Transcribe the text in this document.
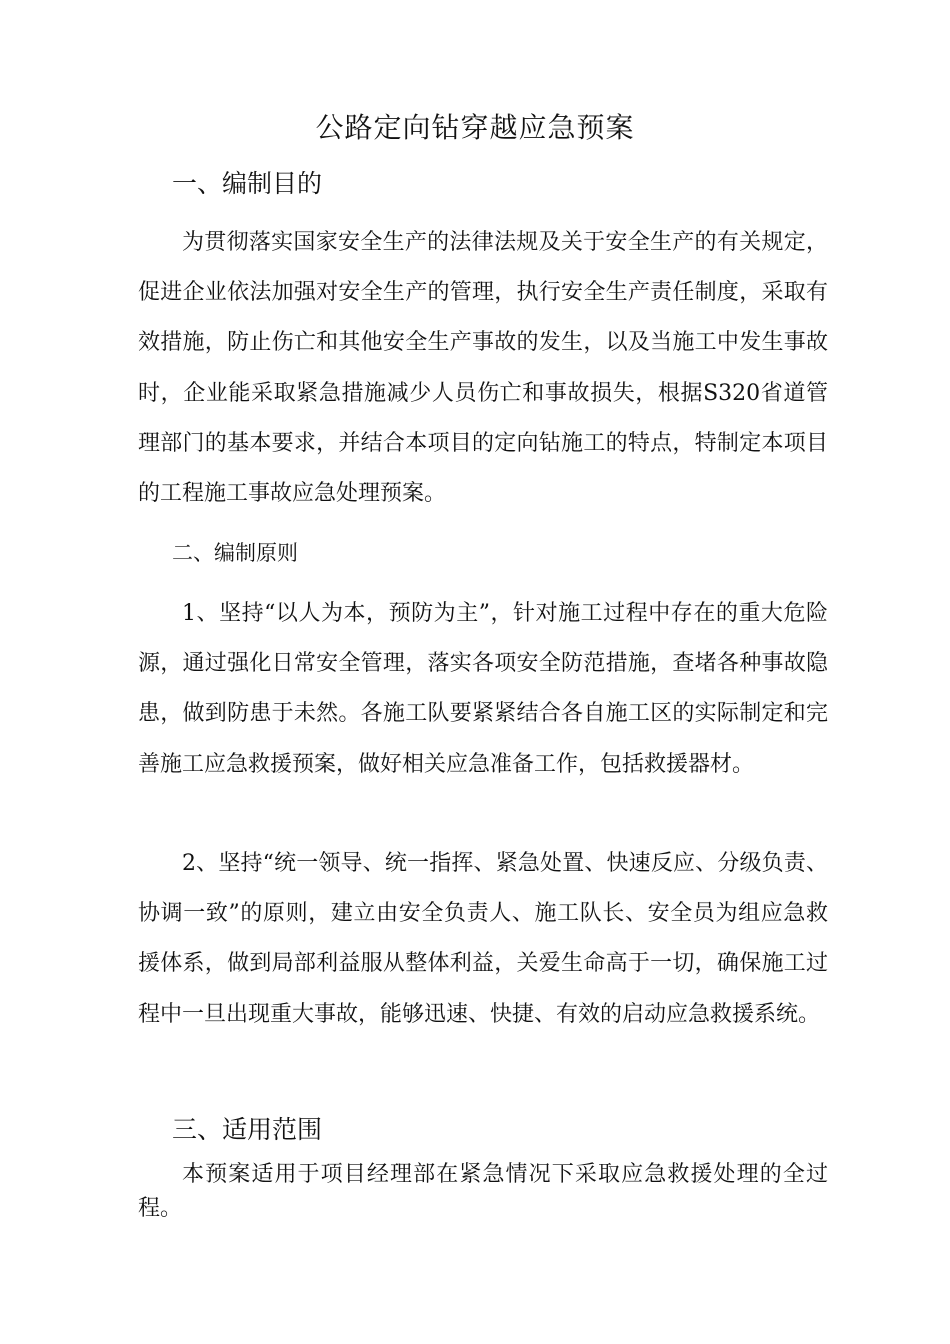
公路定向钻穿越应急预案
一、编制目的
为贯彻落实国家安全生产的法律法规及关于安全生产的有关规定，促进企业依法加强对安全生产的管理，执行安全生产责任制度，采取有效措施，防止伤亡和其他安全生产事故的发生，以及当施工中发生事故时，企业能采取紧急措施减少人员伤亡和事故损失，根据S320省道管理部门的基本要求，并结合本项目的定向钻施工的特点，特制定本项目的工程施工事故应急处理预案。
二、编制原则
1、坚持“以人为本，预防为主”，针对施工过程中存在的重大危险源，通过强化日常安全管理，落实各项安全防范措施，查堵各种事故隐患，做到防患于未然。各施工队要紧紧结合各自施工区的实际制定和完善施工应急救援预案，做好相关应急准备工作，包括救援器材。
2、坚持“统一领导、统一指挥、紧急处置、快速反应、分级负责、协调一致”的原则，建立由安全负责人、施工队长、安全员为组应急救援体系，做到局部利益服从整体利益，关爱生命高于一切，确保施工过程中一旦出现重大事故，能够迅速、快捷、有效的启动应急救援系统。
三、适用范围
本预案适用于项目经理部在紧急情况下采取应急救援处理的全过程。
